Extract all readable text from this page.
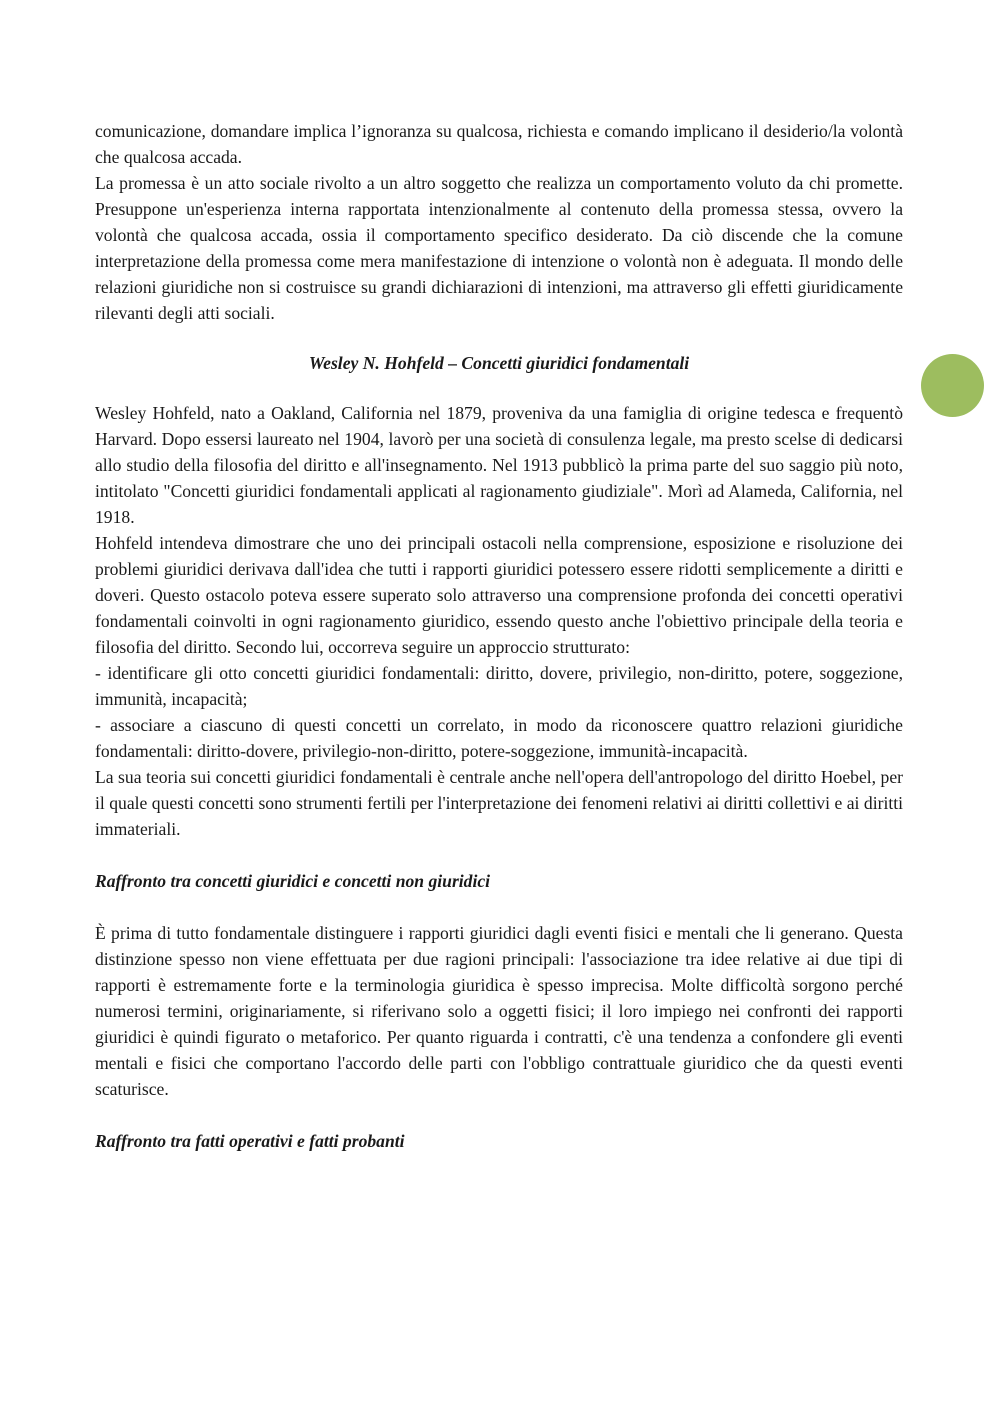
comunicazione, domandare implica l’ignoranza su qualcosa, richiesta e comando implicano il desiderio/la volontà che qualcosa accada.

La promessa è un atto sociale rivolto a un altro soggetto che realizza un comportamento voluto da chi promette. Presuppone un'esperienza interna rapportata intenzionalmente al contenuto della promessa stessa, ovvero la volontà che qualcosa accada, ossia il comportamento specifico desiderato. Da ciò discende che la comune interpretazione della promessa come mera manifestazione di intenzione o volontà non è adeguata. Il mondo delle relazioni giuridiche non si costruisce su grandi dichiarazioni di intenzioni, ma attraverso gli effetti giuridicamente rilevanti degli atti sociali.

Wesley N. Hohfeld – Concetti giuridici fondamentali

Wesley Hohfeld, nato a Oakland, California nel 1879, proveniva da una famiglia di origine tedesca e frequentò Harvard. Dopo essersi laureato nel 1904, lavorò per una società di consulenza legale, ma presto scelse di dedicarsi allo studio della filosofia del diritto e all'insegnamento. Nel 1913 pubblicò la prima parte del suo saggio più noto, intitolato "Concetti giuridici fondamentali applicati al ragionamento giudiziale". Morì ad Alameda, California, nel 1918.

Hohfeld intendeva dimostrare che uno dei principali ostacoli nella comprensione, esposizione e risoluzione dei problemi giuridici derivava dall'idea che tutti i rapporti giuridici potessero essere ridotti semplicemente a diritti e doveri. Questo ostacolo poteva essere superato solo attraverso una comprensione profonda dei concetti operativi fondamentali coinvolti in ogni ragionamento giuridico, essendo questo anche l'obiettivo principale della teoria e filosofia del diritto. Secondo lui, occorreva seguire un approccio strutturato:

- identificare gli otto concetti giuridici fondamentali: diritto, dovere, privilegio, non-diritto, potere, soggezione, immunità, incapacità;

- associare a ciascuno di questi concetti un correlato, in modo da riconoscere quattro relazioni giuridiche fondamentali: diritto-dovere, privilegio-non-diritto, potere-soggezione, immunità-incapacità.

La sua teoria sui concetti giuridici fondamentali è centrale anche nell'opera dell'antropologo del diritto Hoebel, per il quale questi concetti sono strumenti fertili per l'interpretazione dei fenomeni relativi ai diritti collettivi e ai diritti immateriali.

Raffronto tra concetti giuridici e concetti non giuridici

È prima di tutto fondamentale distinguere i rapporti giuridici dagli eventi fisici e mentali che li generano. Questa distinzione spesso non viene effettuata per due ragioni principali: l'associazione tra idee relative ai due tipi di rapporti è estremamente forte e la terminologia giuridica è spesso imprecisa. Molte difficoltà sorgono perché numerosi termini, originariamente, si riferivano solo a oggetti fisici; il loro impiego nei confronti dei rapporti giuridici è quindi figurato o metaforico. Per quanto riguarda i contratti, c'è una tendenza a confondere gli eventi mentali e fisici che comportano l'accordo delle parti con l'obbligo contrattuale giuridico che da questi eventi scaturisce.

Raffronto tra fatti operativi e fatti probanti
